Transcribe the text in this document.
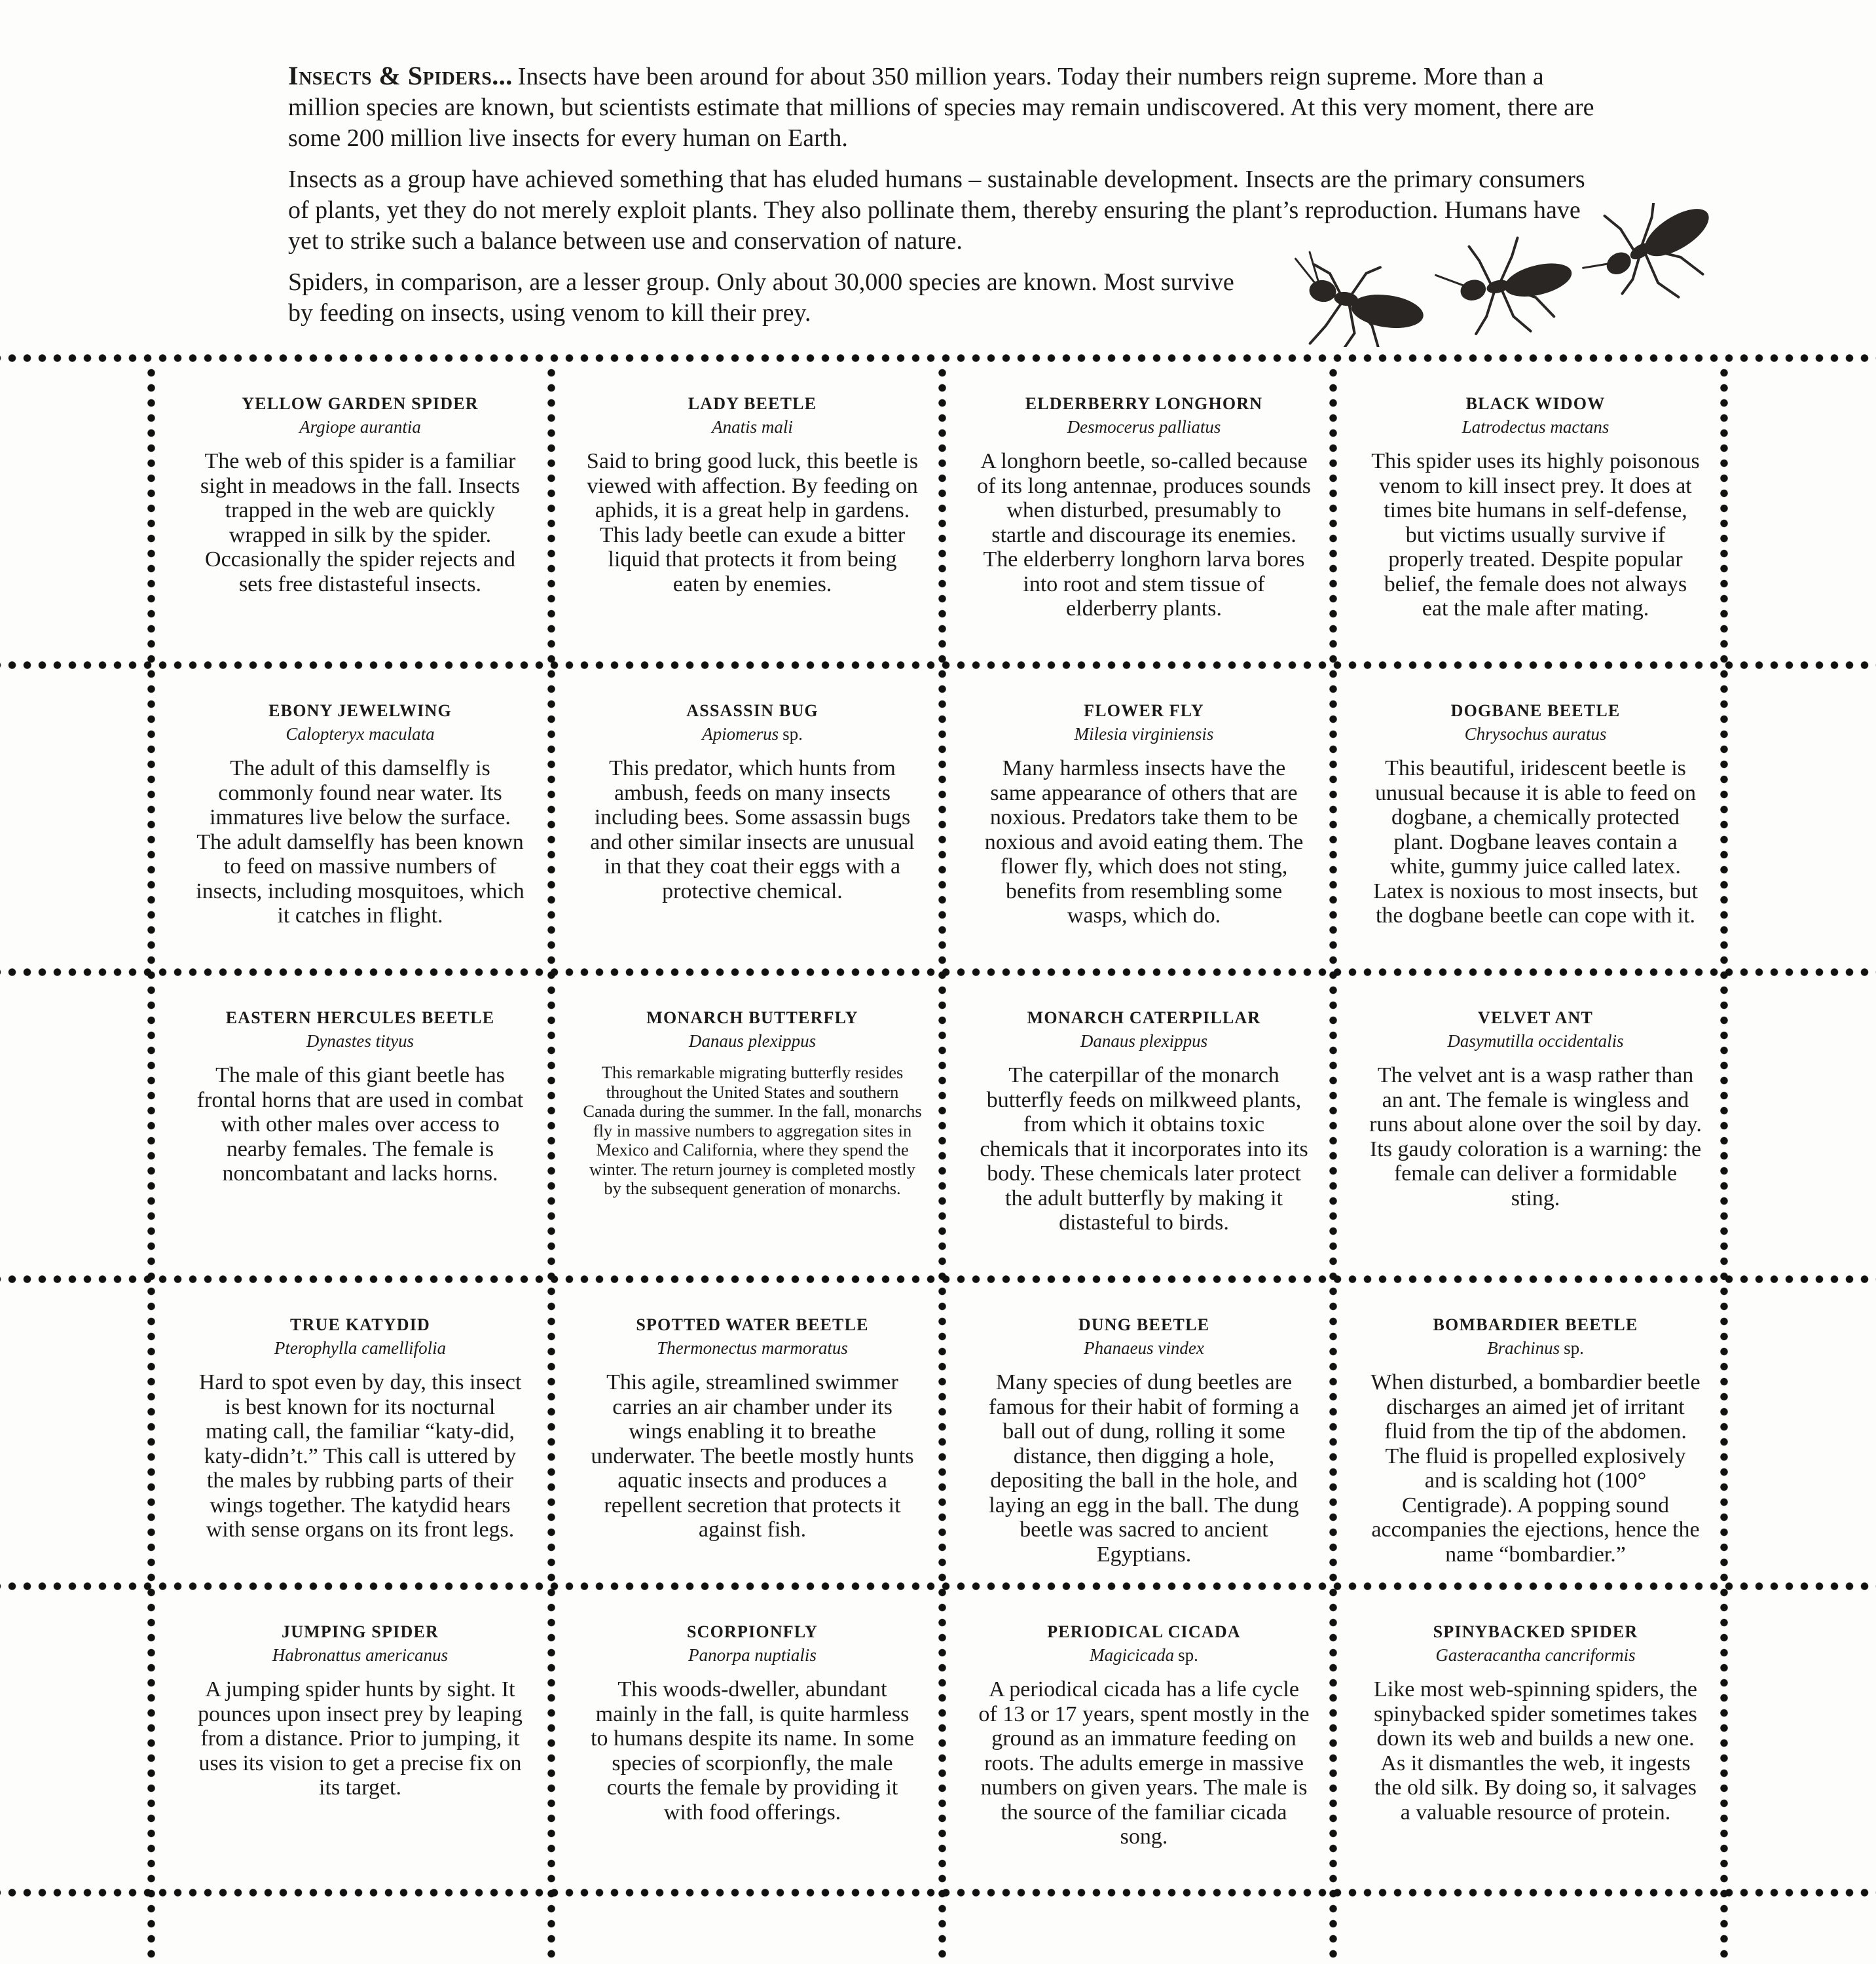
Insects & Spiders... Insects have been around for about 350 million years. Today their numbers reign supreme. More than a million species are known, but scientists estimate that millions of species may remain undiscovered. At this very moment, there are some 200 million live insects for every human on Earth.

Insects as a group have achieved something that has eluded humans – sustainable development. Insects are the primary consumers of plants, yet they do not merely exploit plants. They also pollinate them, thereby ensuring the plant’s reproduction. Humans have yet to strike such a balance between use and conservation of nature.

Spiders, in comparison, are a lesser group. Only about 30,000 species are known. Most survive by feeding on insects, using venom to kill their prey.

YELLOW GARDEN SPIDER
Argiope aurantia
The web of this spider is a familiar sight in meadows in the fall. Insects trapped in the web are quickly wrapped in silk by the spider. Occasionally the spider rejects and sets free distasteful insects.
LADY BEETLE
Anatis mali
Said to bring good luck, this beetle is viewed with affection. By feeding on aphids, it is a great help in gardens. This lady beetle can exude a bitter liquid that protects it from being eaten by enemies.
ELDERBERRY LONGHORN
Desmocerus palliatus
A longhorn beetle, so-called because of its long antennae, produces sounds when disturbed, presumably to startle and discourage its enemies. The elderberry longhorn larva bores into root and stem tissue of elderberry plants.
BLACK WIDOW
Latrodectus mactans
This spider uses its highly poisonous venom to kill insect prey. It does at times bite humans in self-defense, but victims usually survive if properly treated. Despite popular belief, the female does not always eat the male after mating.
EBONY JEWELWING
Calopteryx maculata
The adult of this damselfly is commonly found near water. Its immatures live below the surface. The adult damselfly has been known to feed on massive numbers of insects, including mosquitoes, which it catches in flight.
ASSASSIN BUG
Apiomerus sp.
This predator, which hunts from ambush, feeds on many insects including bees. Some assassin bugs and other similar insects are unusual in that they coat their eggs with a protective chemical.
FLOWER FLY
Milesia virginiensis
Many harmless insects have the same appearance of others that are noxious. Predators take them to be noxious and avoid eating them. The flower fly, which does not sting, benefits from resembling some wasps, which do.
DOGBANE BEETLE
Chrysochus auratus
This beautiful, iridescent beetle is unusual because it is able to feed on dogbane, a chemically protected plant. Dogbane leaves contain a white, gummy juice called latex. Latex is noxious to most insects, but the dogbane beetle can cope with it.
EASTERN HERCULES BEETLE
Dynastes tityus
The male of this giant beetle has frontal horns that are used in combat with other males over access to nearby females. The female is noncombatant and lacks horns.
MONARCH BUTTERFLY
Danaus plexippus
This remarkable migrating butterfly resides throughout the United States and southern Canada during the summer. In the fall, monarchs fly in massive numbers to aggregation sites in Mexico and California, where they spend the winter. The return journey is completed mostly by the subsequent generation of monarchs.
MONARCH CATERPILLAR
Danaus plexippus
The caterpillar of the monarch butterfly feeds on milkweed plants, from which it obtains toxic chemicals that it incorporates into its body. These chemicals later protect the adult butterfly by making it distasteful to birds.
VELVET ANT
Dasymutilla occidentalis
The velvet ant is a wasp rather than an ant. The female is wingless and runs about alone over the soil by day. Its gaudy coloration is a warning: the female can deliver a formidable sting.
TRUE KATYDID
Pterophylla camellifolia
Hard to spot even by day, this insect is best known for its nocturnal mating call, the familiar “katy-did, katy-didn’t.” This call is uttered by the males by rubbing parts of their wings together. The katydid hears with sense organs on its front legs.
SPOTTED WATER BEETLE
Thermonectus marmoratus
This agile, streamlined swimmer carries an air chamber under its wings enabling it to breathe underwater. The beetle mostly hunts aquatic insects and produces a repellent secretion that protects it against fish.
DUNG BEETLE
Phanaeus vindex
Many species of dung beetles are famous for their habit of forming a ball out of dung, rolling it some distance, then digging a hole, depositing the ball in the hole, and laying an egg in the ball. The dung beetle was sacred to ancient Egyptians.
BOMBARDIER BEETLE
Brachinus sp.
When disturbed, a bombardier beetle discharges an aimed jet of irritant fluid from the tip of the abdomen. The fluid is propelled explosively and is scalding hot (100° Centigrade). A popping sound accompanies the ejections, hence the name “bombardier.”
JUMPING SPIDER
Habronattus americanus
A jumping spider hunts by sight. It pounces upon insect prey by leaping from a distance. Prior to jumping, it uses its vision to get a precise fix on its target.
SCORPIONFLY
Panorpa nuptialis
This woods-dweller, abundant mainly in the fall, is quite harmless to humans despite its name. In some species of scorpionfly, the male courts the female by providing it with food offerings.
PERIODICAL CICADA
Magicicada sp.
A periodical cicada has a life cycle of 13 or 17 years, spent mostly in the ground as an immature feeding on roots. The adults emerge in massive numbers on given years. The male is the source of the familiar cicada song.
SPINYBACKED SPIDER
Gasteracantha cancriformis
Like most web-spinning spiders, the spinybacked spider sometimes takes down its web and builds a new one. As it dismantles the web, it ingests the old silk. By doing so, it salvages a valuable resource of protein.
